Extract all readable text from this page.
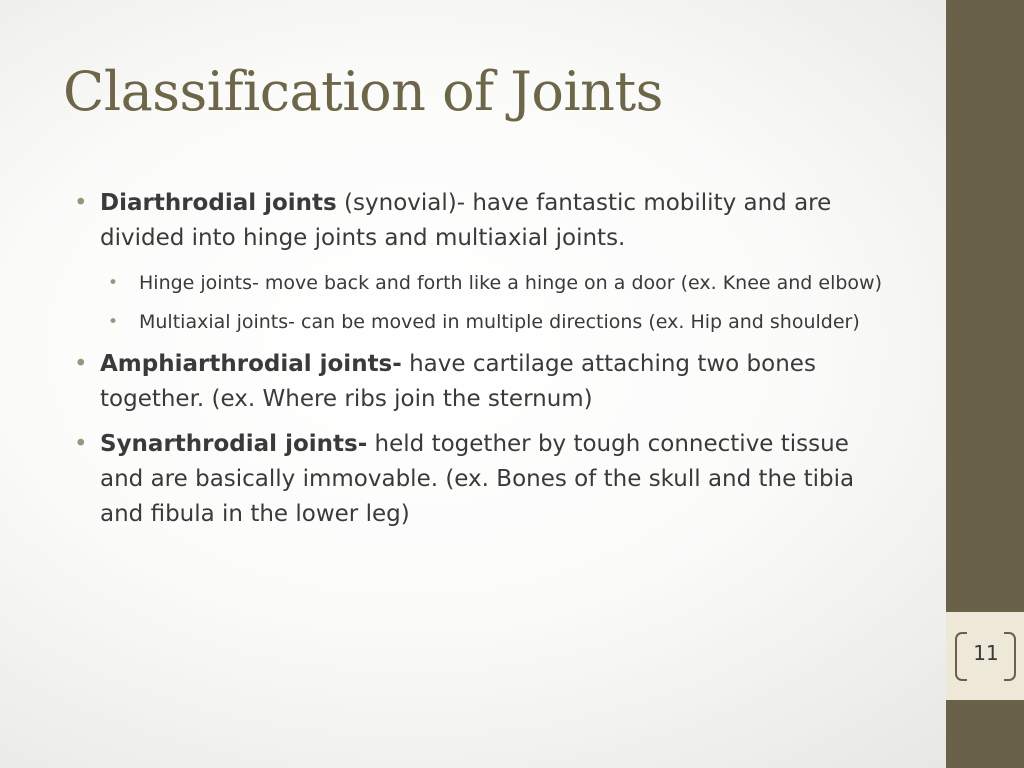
Classification of Joints

• Diarthrodial joints (synovial)- have fantastic mobility and are divided into hinge joints and multiaxial joints.

• Hinge joints- move back and forth like a hinge on a door (ex. Knee and elbow)

• Multiaxial joints- can be moved in multiple directions (ex. Hip and shoulder)

• Amphiarthrodial joints- have cartilage attaching two bones together. (ex. Where ribs join the sternum)

• Synarthrodial joints- held together by tough connective tissue and are basically immovable. (ex. Bones of the skull and the tibia and fibula in the lower leg)

11
